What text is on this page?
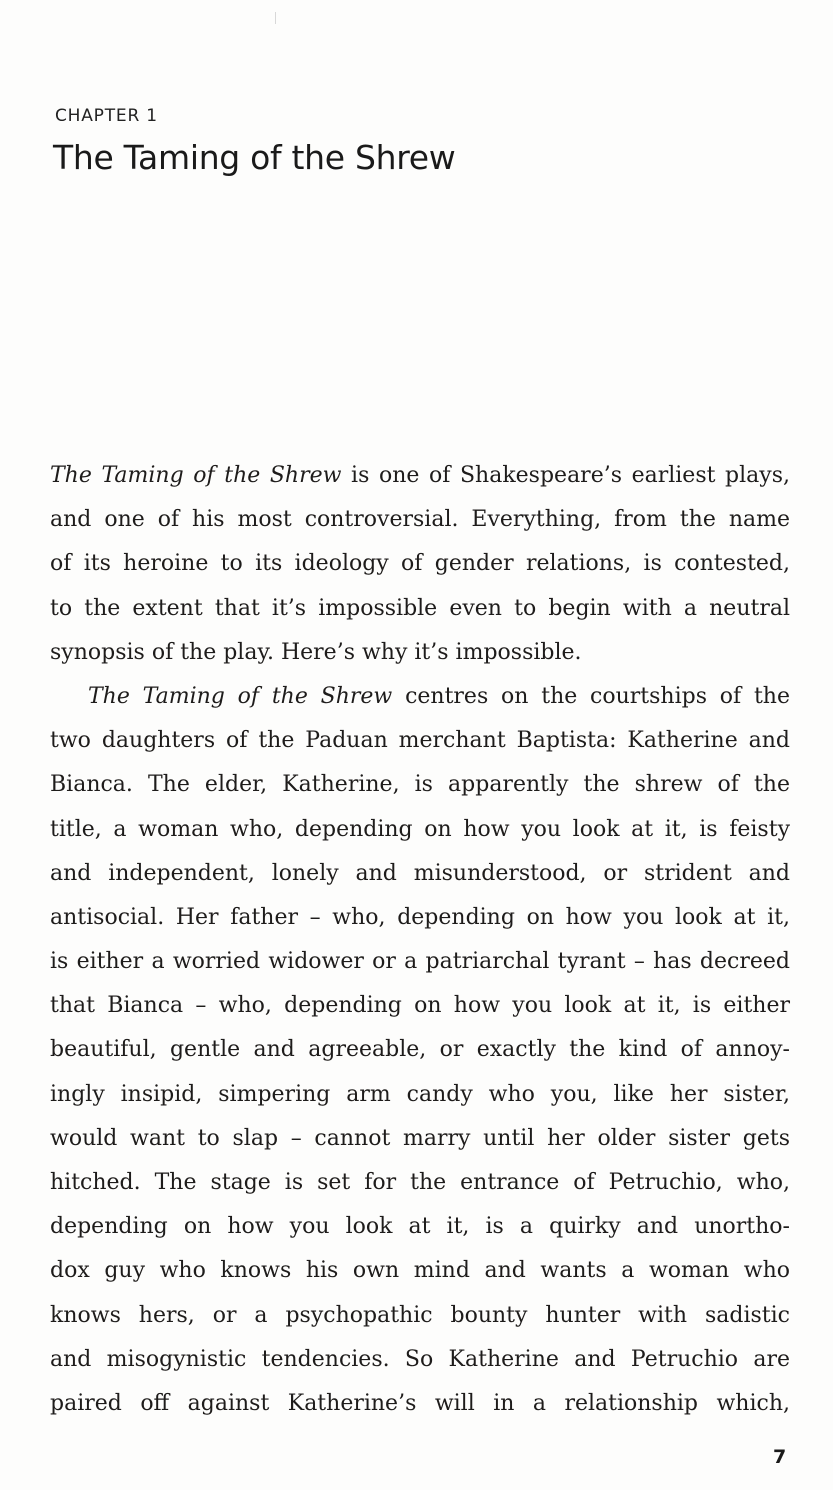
CHAPTER 1
The Taming of the Shrew
The Taming of the Shrew is one of Shakespeare’s earliest plays,
and one of his most controversial. Everything, from the name
of its heroine to its ideology of gender relations, is contested,
to the extent that it’s impossible even to begin with a neutral
synopsis of the play. Here’s why it’s impossible.
The Taming of the Shrew centres on the courtships of the
two daughters of the Paduan merchant Baptista: Katherine and
Bianca. The elder, Katherine, is apparently the shrew of the
title, a woman who, depending on how you look at it, is feisty
and independent, lonely and misunderstood, or strident and
antisocial. Her father – who, depending on how you look at it,
is either a worried widower or a patriarchal tyrant – has decreed
that Bianca – who, depending on how you look at it, is either
beautiful, gentle and agreeable, or exactly the kind of annoy-
ingly insipid, simpering arm candy who you, like her sister,
would want to slap – cannot marry until her older sister gets
hitched. The stage is set for the entrance of Petruchio, who,
depending on how you look at it, is a quirky and unortho-
dox guy who knows his own mind and wants a woman who
knows hers, or a psychopathic bounty hunter with sadistic
and misogynistic tendencies. So Katherine and Petruchio are
paired off against Katherine’s will in a relationship which,
7
